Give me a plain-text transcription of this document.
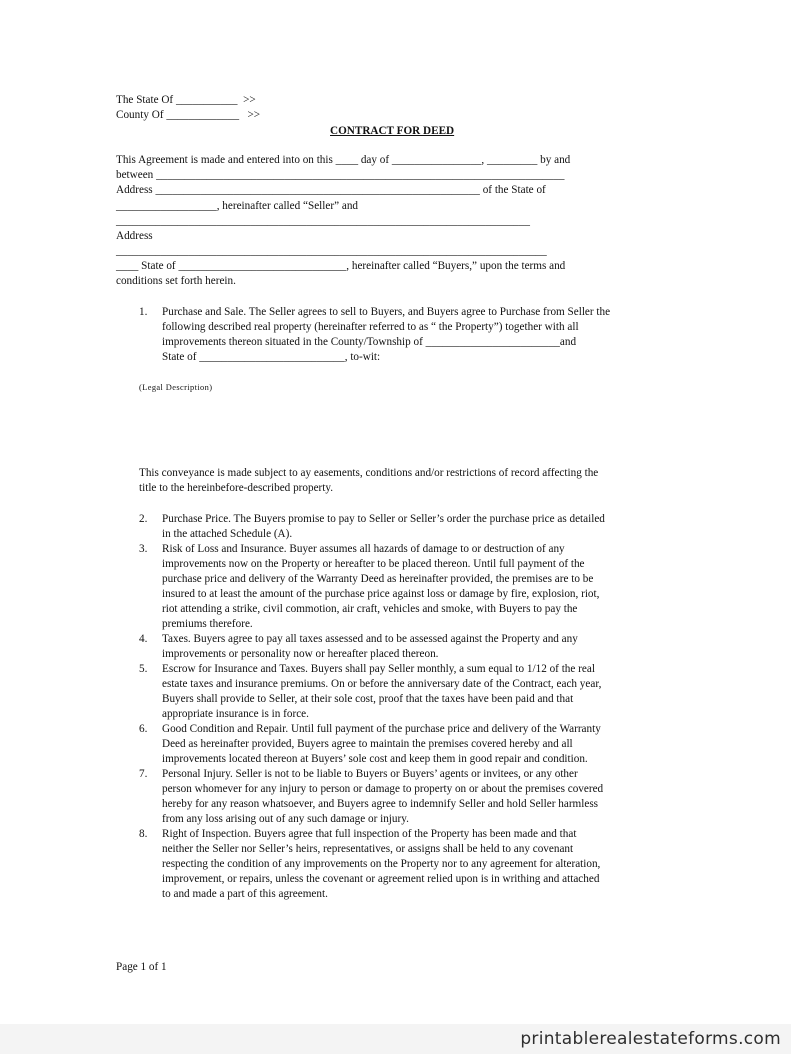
The State Of ___________  >>
County Of _____________   >>
CONTRACT FOR DEED
This Agreement is made and entered into on this ____ day of ________________, _________ by and
between _________________________________________________________________________
Address __________________________________________________________ of the State of
__________________, hereinafter called “Seller” and
__________________________________________________________________________
Address
_____________________________________________________________________________
____ State of ______________________________, hereinafter called “Buyers,” upon the terms and
conditions set forth herein.
1. Purchase and Sale. The Seller agrees to sell to Buyers, and Buyers agree to Purchase from Seller the
following described real property (hereinafter referred to as “ the Property”) together with all
improvements thereon situated in the County/Township of ________________________and
State of __________________________, to-wit:
(Legal Description)
This conveyance is made subject to ay easements, conditions and/or restrictions of record affecting the
title to the hereinbefore-described property.
2. Purchase Price. The Buyers promise to pay to Seller or Seller’s order the purchase price as detailed
in the attached Schedule (A).
3. Risk of Loss and Insurance. Buyer assumes all hazards of damage to or destruction of any
improvements now on the Property or hereafter to be placed thereon. Until full payment of the
purchase price and delivery of the Warranty Deed as hereinafter provided, the premises are to be
insured to at least the amount of the purchase price against loss or damage by fire, explosion, riot,
riot attending a strike, civil commotion, air craft, vehicles and smoke, with Buyers to pay the
premiums therefore.
4. Taxes. Buyers agree to pay all taxes assessed and to be assessed against the Property and any
improvements or personality now or hereafter placed thereon.
5. Escrow for Insurance and Taxes. Buyers shall pay Seller monthly, a sum equal to 1/12 of the real
estate taxes and insurance premiums. On or before the anniversary date of the Contract, each year,
Buyers shall provide to Seller, at their sole cost, proof that the taxes have been paid and that
appropriate insurance is in force.
6. Good Condition and Repair. Until full payment of the purchase price and delivery of the Warranty
Deed as hereinafter provided, Buyers agree to maintain the premises covered hereby and all
improvements located thereon at Buyers’ sole cost and keep them in good repair and condition.
7. Personal Injury. Seller is not to be liable to Buyers or Buyers’ agents or invitees, or any other
person whomever for any injury to person or damage to property on or about the premises covered
hereby for any reason whatsoever, and Buyers agree to indemnify Seller and hold Seller harmless
from any loss arising out of any such damage or injury.
8. Right of Inspection. Buyers agree that full inspection of the Property has been made and that
neither the Seller nor Seller’s heirs, representatives, or assigns shall be held to any covenant
respecting the condition of any improvements on the Property nor to any agreement for alteration,
improvement, or repairs, unless the covenant or agreement relied upon is in writhing and attached
to and made a part of this agreement.
Page 1 of 1
printablerealestateforms.com
